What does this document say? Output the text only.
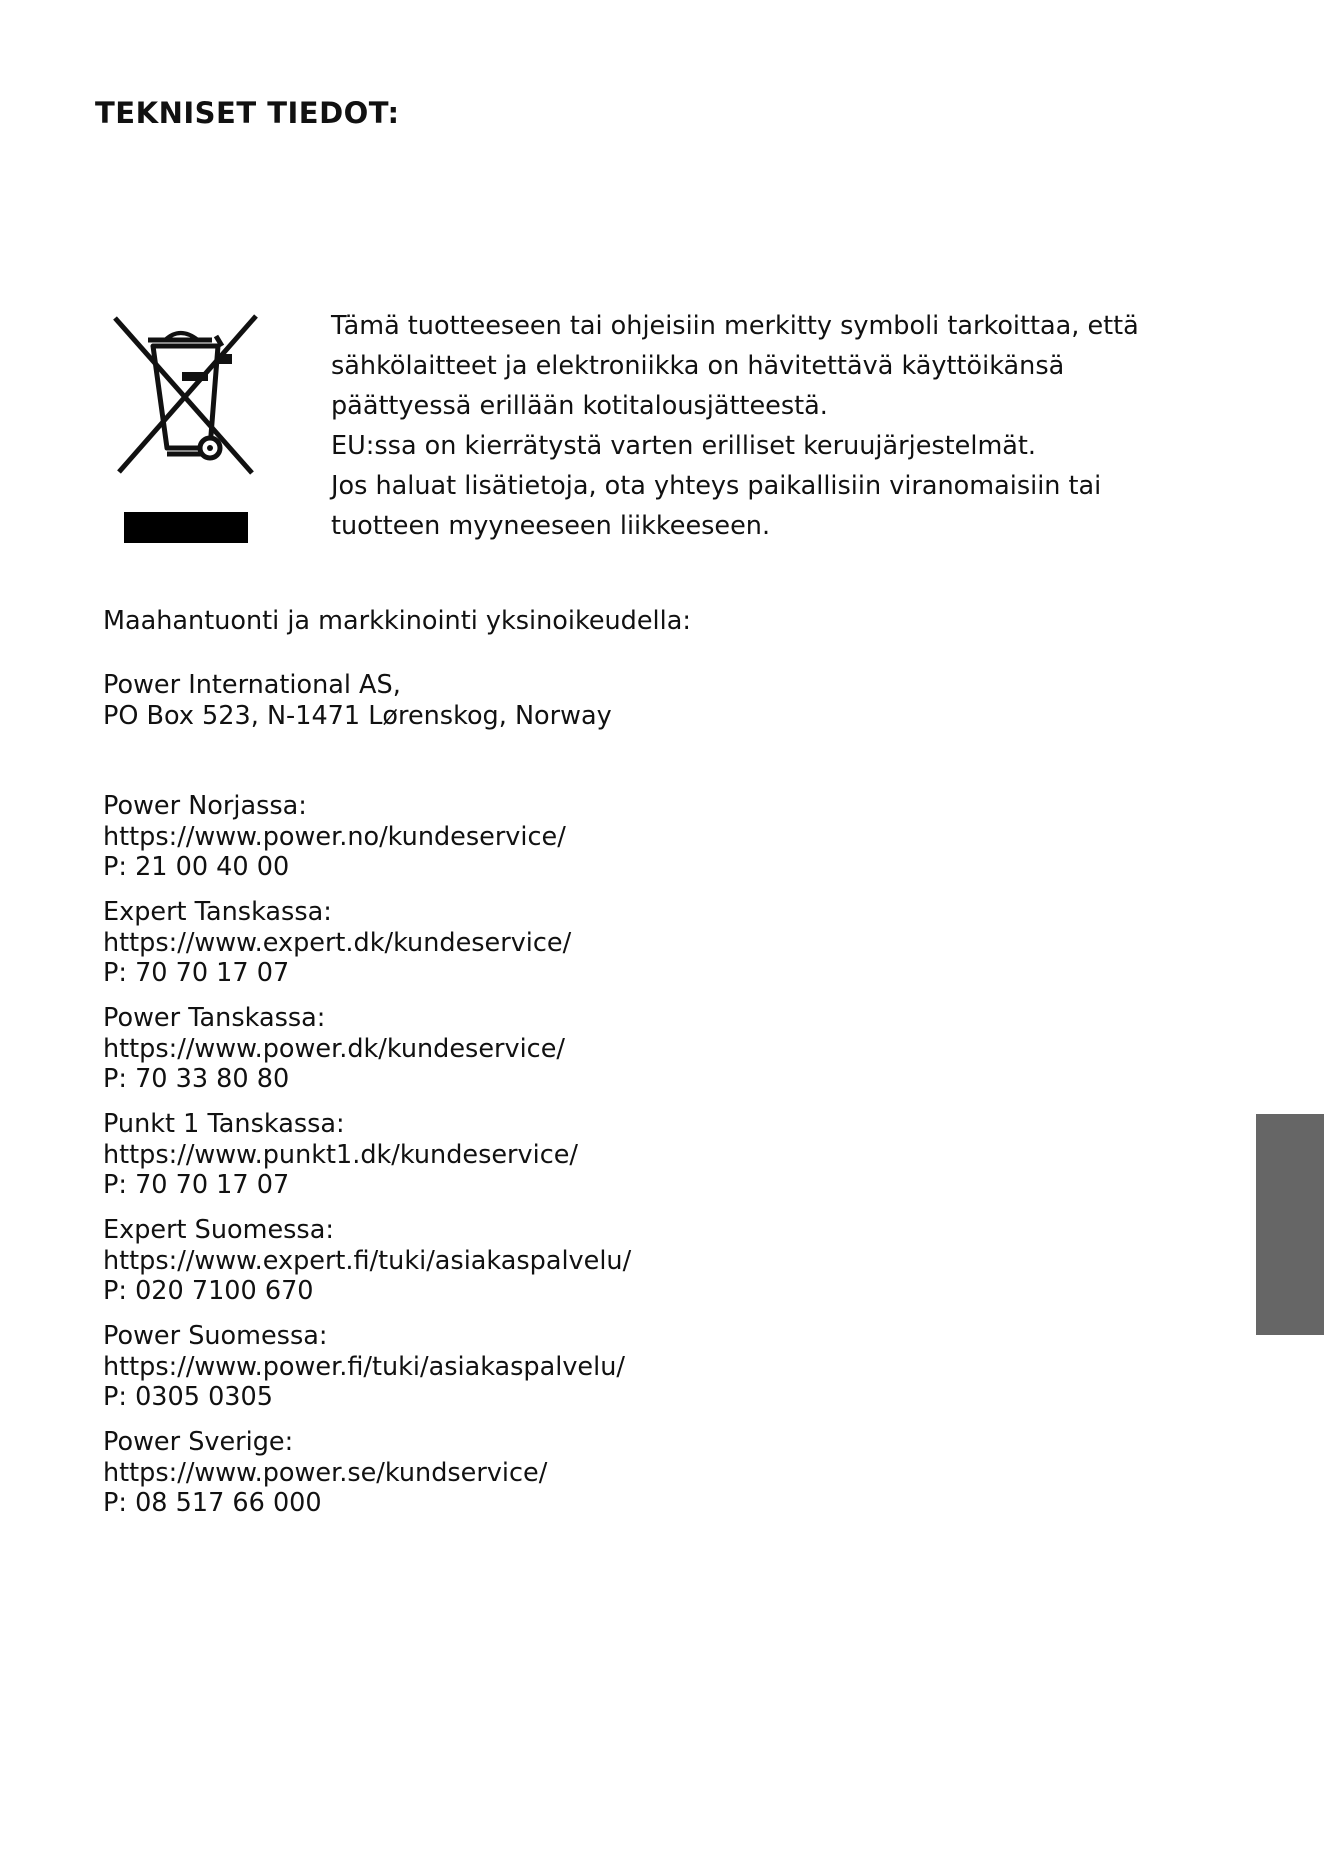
TEKNISET TIEDOT:
Tämä tuotteeseen tai ohjeisiin merkitty symboli tarkoittaa, että
sähkölaitteet ja elektroniikka on hävitettävä käyttöikänsä
päättyessä erillään kotitalousjätteestä.
EU:ssa on kierrätystä varten erilliset keruujärjestelmät.
Jos haluat lisätietoja, ota yhteys paikallisiin viranomaisiin tai
tuotteen myyneeseen liikkeeseen.
Maahantuonti ja markkinointi yksinoikeudella:
Power International AS,
PO Box 523, N-1471 Lørenskog, Norway
Power Norjassa:
https://www.power.no/kundeservice/
P: 21 00 40 00
Expert Tanskassa:
https://www.expert.dk/kundeservice/
P: 70 70 17 07
Power Tanskassa:
https://www.power.dk/kundeservice/
P: 70 33 80 80
Punkt 1 Tanskassa:
https://www.punkt1.dk/kundeservice/
P: 70 70 17 07
Expert Suomessa:
https://www.expert.fi/tuki/asiakaspalvelu/
P: 020 7100 670
Power Suomessa:
https://www.power.fi/tuki/asiakaspalvelu/
P: 0305 0305
Power Sverige:
https://www.power.se/kundservice/
P: 08 517 66 000
